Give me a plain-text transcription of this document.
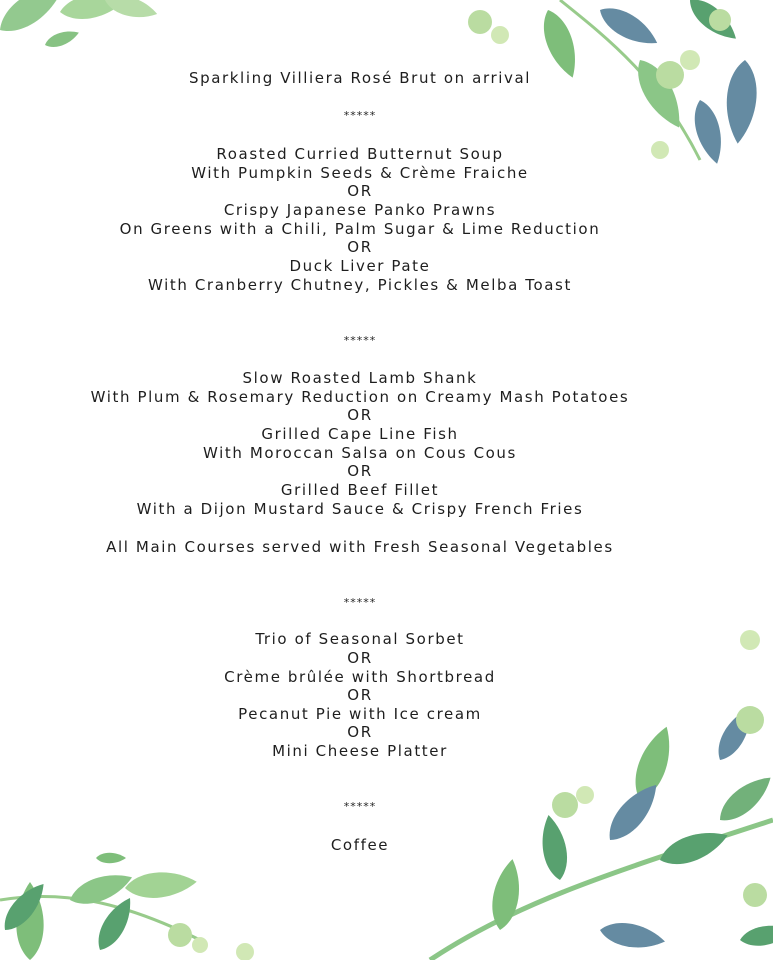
Sparkling Villiera Rosé Brut on arrival
*****
Roasted Curried Butternut Soup
With Pumpkin Seeds & Crème Fraiche
OR
Crispy Japanese Panko Prawns
On Greens with a Chili, Palm Sugar & Lime Reduction
OR
Duck Liver Pate
With Cranberry Chutney, Pickles & Melba Toast
*****
Slow Roasted Lamb Shank
With Plum & Rosemary Reduction on Creamy Mash Potatoes
OR
Grilled Cape Line Fish
With Moroccan Salsa on Cous Cous
OR
Grilled Beef Fillet
With a Dijon Mustard Sauce & Crispy French Fries
All Main Courses served with Fresh Seasonal Vegetables
*****
Trio of Seasonal Sorbet
OR
Crème brûlée with Shortbread
OR
Pecanut Pie with Ice cream
OR
Mini Cheese Platter
*****
Coffee
